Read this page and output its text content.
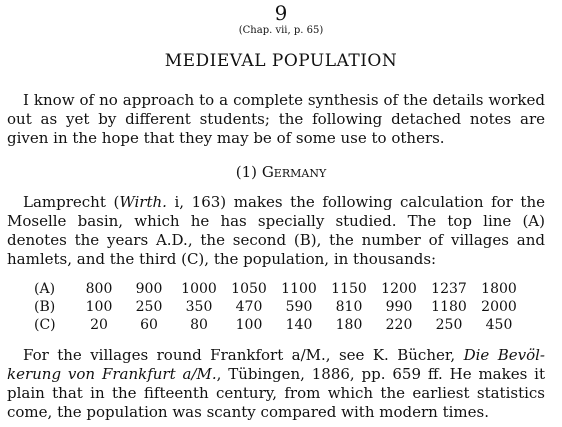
9
(Chap. vii, p. 65)
MEDIEVAL POPULATION

I know of no approach to a complete synthesis of the details worked
out as yet by different students; the following detached notes are
given in the hope that they may be of some use to others.

(1) Germany

Lamprecht (Wirth. i, 163) makes the following calculation for the
Moselle basin, which he has specially studied. The top line (A)
denotes the years A.D., the second (B), the number of villages and
hamlets, and the third (C), the population, in thousands:

(A)	800	900	1000	1050	1100	1150	1200	1237	1800
(B)	100	250	350	470	590	810	990	1180	2000
(C)	20	60	80	100	140	180	220	250	450

For the villages round Frankfort a/M., see K. Bücher, Die Bevöl-
kerung von Frankfurt a/M., Tübingen, 1886, pp. 659 ff. He makes it
plain that in the fifteenth century, from which the earliest statistics
come, the population was scanty compared with modern times.
